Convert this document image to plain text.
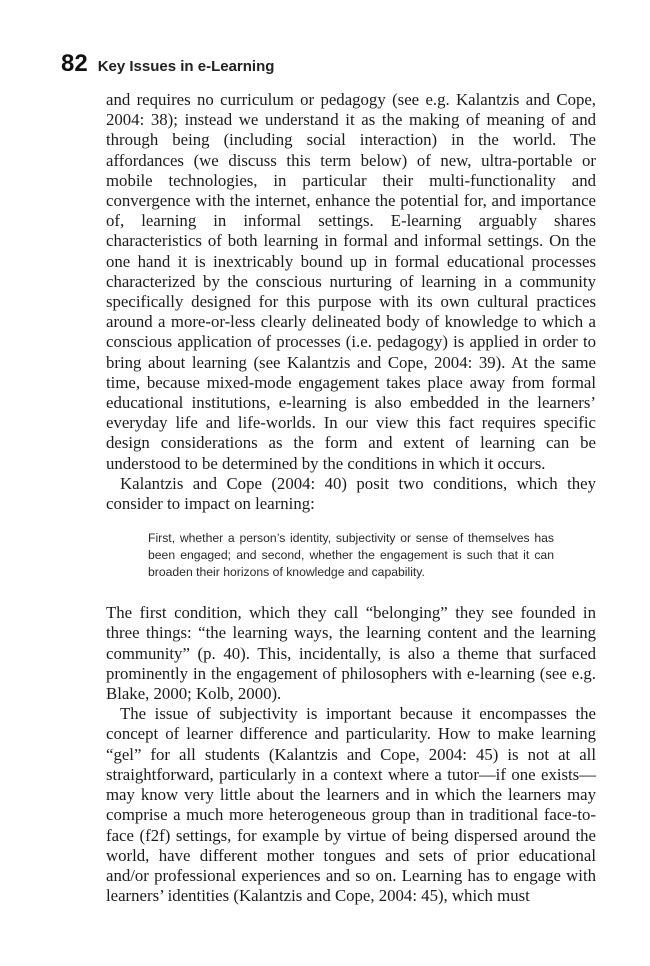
82 Key Issues in e-Learning

and requires no curriculum or pedagogy (see e.g. Kalantzis and Cope, 2004: 38); instead we understand it as the making of meaning of and through being (including social interaction) in the world. The affordances (we discuss this term below) of new, ultra-portable or mobile technologies, in particular their multi-functionality and convergence with the internet, enhance the potential for, and importance of, learning in informal settings. E-learning arguably shares characteristics of both learning in formal and informal settings. On the one hand it is inextricably bound up in formal educational processes characterized by the conscious nurturing of learning in a community specifically designed for this purpose with its own cultural practices around a more-or-less clearly delineated body of knowledge to which a conscious application of processes (i.e. pedagogy) is applied in order to bring about learning (see Kalantzis and Cope, 2004: 39). At the same time, because mixed-mode engagement takes place away from formal educational institutions, e-learning is also embedded in the learners’ everyday life and life-worlds. In our view this fact requires specific design considerations as the form and extent of learning can be understood to be determined by the conditions in which it occurs.

Kalantzis and Cope (2004: 40) posit two conditions, which they consider to impact on learning:

First, whether a person’s identity, subjectivity or sense of themselves has been engaged; and second, whether the engagement is such that it can broaden their horizons of knowledge and capability.

The first condition, which they call “belonging” they see founded in three things: “the learning ways, the learning content and the learning community” (p. 40). This, incidentally, is also a theme that surfaced prominently in the engagement of philosophers with e-learning (see e.g. Blake, 2000; Kolb, 2000).

The issue of subjectivity is important because it encompasses the concept of learner difference and particularity. How to make learning “gel” for all students (Kalantzis and Cope, 2004: 45) is not at all straightforward, particularly in a context where a tutor—if one exists—may know very little about the learners and in which the learners may comprise a much more heterogeneous group than in traditional face-to-face (f2f) settings, for example by virtue of being dispersed around the world, have different mother tongues and sets of prior educational and/or professional experiences and so on. Learning has to engage with learners’ identities (Kalantzis and Cope, 2004: 45), which must
